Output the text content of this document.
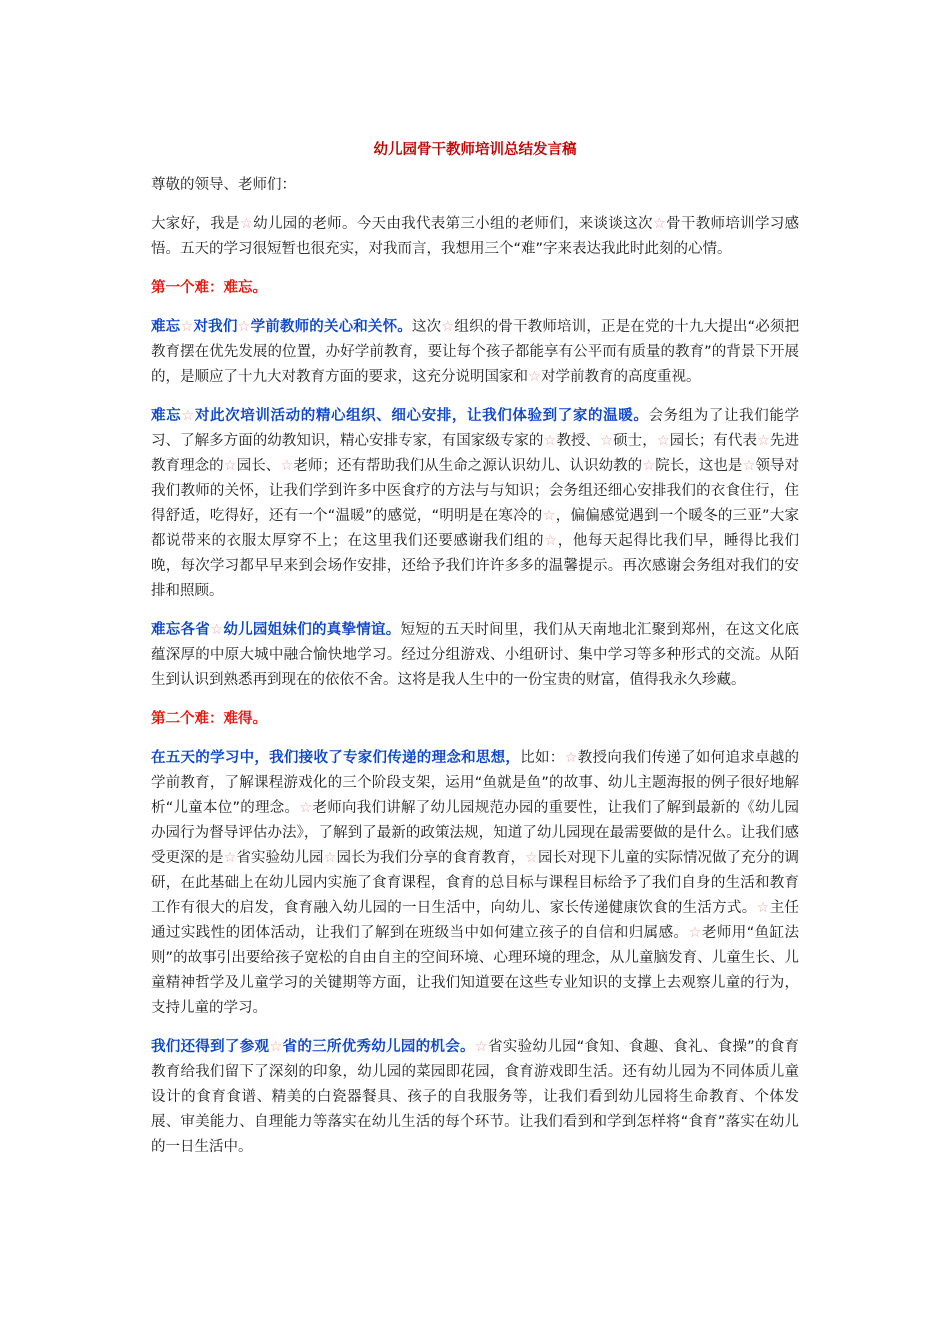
幼儿园骨干教师培训总结发言稿
尊敬的领导、老师们：
大家好，我是☆幼儿园的老师。今天由我代表第三小组的老师们，来谈谈这次☆骨干教师培训学习感悟。五天的学习很短暂也很充实，对我而言，我想用三个“难”字来表达我此时此刻的心情。
第一个难：难忘。
难忘☆对我们☆学前教师的关心和关怀。这次☆组织的骨干教师培训，正是在党的十九大提出“必须把教育摆在优先发展的位置，办好学前教育，要让每个孩子都能享有公平而有质量的教育”的背景下开展的，是顺应了十九大对教育方面的要求，这充分说明国家和☆对学前教育的高度重视。
难忘☆对此次培训活动的精心组织、细心安排，让我们体验到了家的温暖。会务组为了让我们能学习、了解多方面的幼教知识，精心安排专家，有国家级专家的☆教授、☆硕士，☆园长；有代表☆先进教育理念的☆园长、☆老师；还有帮助我们从生命之源认识幼儿、认识幼教的☆院长，这也是☆领导对我们教师的关怀，让我们学到许多中医食疗的方法与与知识；会务组还细心安排我们的衣食住行，住得舒适，吃得好，还有一个“温暖”的感觉，“明明是在寒冷的☆，偏偏感觉遇到一个暖冬的三亚”大家都说带来的衣服太厚穿不上；在这里我们还要感谢我们组的☆，他每天起得比我们早，睡得比我们晚，每次学习都早早来到会场作安排，还给予我们许许多多的温馨提示。再次感谢会务组对我们的安排和照顾。
难忘各省☆幼儿园姐妹们的真挚情谊。短短的五天时间里，我们从天南地北汇聚到郑州，在这文化底蕴深厚的中原大城中融合愉快地学习。经过分组游戏、小组研讨、集中学习等多种形式的交流。从陌生到认识到熟悉再到现在的依依不舍。这将是我人生中的一份宝贵的财富，值得我永久珍藏。
第二个难：难得。
在五天的学习中，我们接收了专家们传递的理念和思想，比如：☆教授向我们传递了如何追求卓越的学前教育，了解课程游戏化的三个阶段支架，运用“鱼就是鱼”的故事、幼儿主题海报的例子很好地解析“儿童本位”的理念。☆老师向我们讲解了幼儿园规范办园的重要性，让我们了解到最新的《幼儿园办园行为督导评估办法》，了解到了最新的政策法规，知道了幼儿园现在最需要做的是什么。让我们感受更深的是☆省实验幼儿园☆园长为我们分享的食育教育，☆园长对现下儿童的实际情况做了充分的调研，在此基础上在幼儿园内实施了食育课程，食育的总目标与课程目标给予了我们自身的生活和教育工作有很大的启发，食育融入幼儿园的一日生活中，向幼儿、家长传递健康饮食的生活方式。☆主任通过实践性的团体活动，让我们了解到在班级当中如何建立孩子的自信和归属感。☆老师用“鱼缸法则”的故事引出要给孩子宽松的自由自主的空间环境、心理环境的理念，从儿童脑发育、儿童生长、儿童精神哲学及儿童学习的关键期等方面，让我们知道要在这些专业知识的支撑上去观察儿童的行为，支持儿童的学习。
我们还得到了参观☆省的三所优秀幼儿园的机会。☆省实验幼儿园“食知、食趣、食礼、食操”的食育教育给我们留下了深刻的印象，幼儿园的菜园即花园，食育游戏即生活。还有幼儿园为不同体质儿童设计的食育食谱、精美的白瓷器餐具、孩子的自我服务等，让我们看到幼儿园将生命教育、个体发展、审美能力、自理能力等落实在幼儿生活的每个环节。让我们看到和学到怎样将“食育”落实在幼儿的一日生活中。
